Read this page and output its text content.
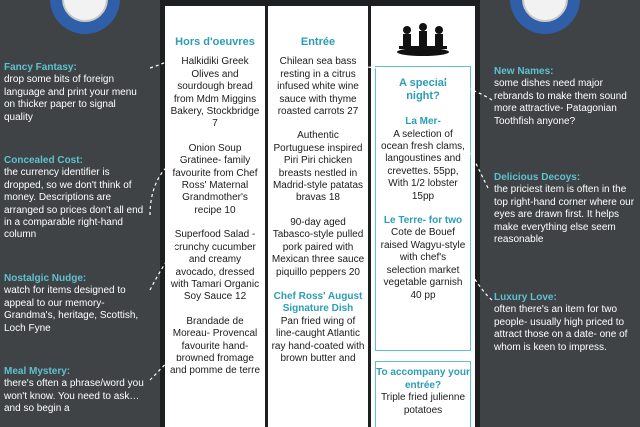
Fancy Fantasy:
drop some bits of foreign language and print your menu on thicker paper to signal quality
Concealed Cost:
the currency identifier is dropped, so we don't think of money. Descriptions are arranged so prices don't all end in a comparable right-hand column
Nostalgic Nudge:
watch for items designed to appeal to our memory- Grandma's, heritage, Scottish, Loch Fyne
Meal Mystery:
there's often a phrase/word you won't know. You need to ask… and so begin a
New Names:
some dishes need major rebrands to make them sound more attractive- Patagonian Toothfish anyone?
Delicious Decoys:
the priciest item is often in the top right-hand corner where our eyes are drawn first. It helps make everything else seem reasonable
Luxury Love:
often there's an item for two people- usually high priced to attract those on a date- one of whom is keen to impress.
Hors d'oeuvres
Halkidiki Greek Olives and sourdough bread from Mdm Miggins Bakery, Stockbridge 7
Onion Soup Gratinee- family favourite from Chef Ross' Maternal Grandmother's recipe 10
Superfood Salad -crunchy cucumber and creamy avocado, dressed with Tamari Organic Soy Sauce 12
Brandade de Moreau- Provencal favourite hand-browned fromage and pomme de terre
Entrée
Chilean sea bass resting in a citrus infused white wine sauce with thyme roasted carrots 27
Authentic Portuguese inspired Piri Piri chicken breasts nestled in Madrid-style patatas bravas 18
90-day aged Tabasco-style pulled pork paired with Mexican three sauce piquillo peppers 20
Chef Ross' August Signature Dish
Pan fried wing of line-caught Atlantic ray hand-coated with brown butter and
A special night?
La Mer-
A selection of ocean fresh clams, langoustines and crevettes. 55pp, With 1/2 lobster 15pp
Le Terre- for two
Cote de Bouef raised Wagyu-style with chef's selection market vegetable garnish 40 pp
To accompany your entrée?
Triple fried julienne potatoes
